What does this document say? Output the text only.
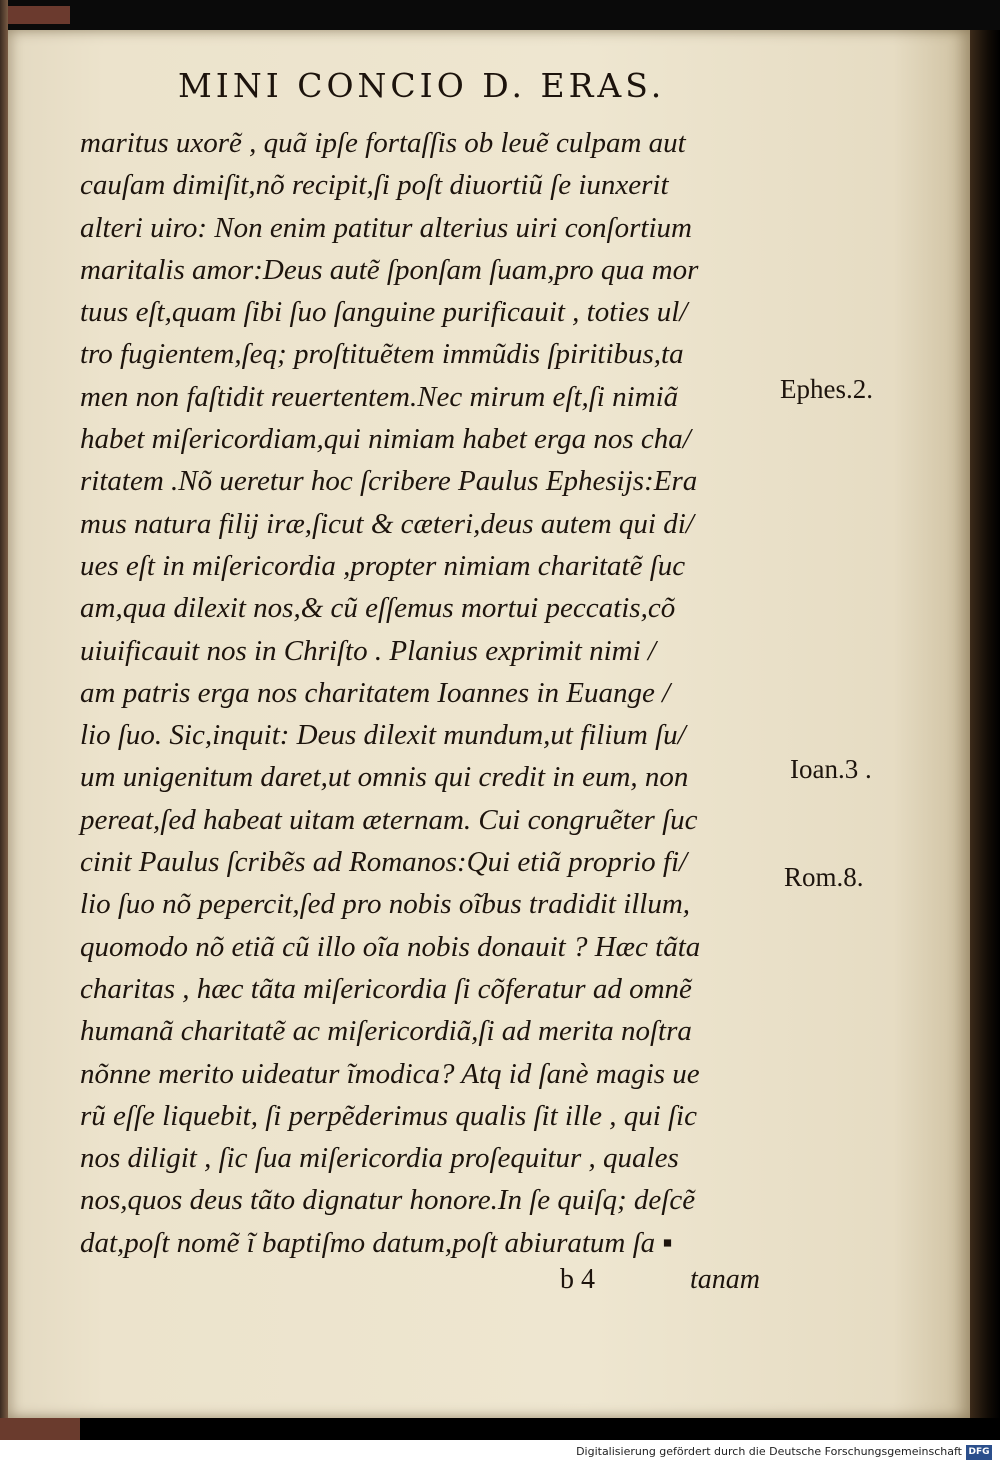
MINI CONCIO D. ERAS.
maritus uxorẽ , quã ipſe fortaſſis ob leuẽ culpam aut
cauſam dimiſit,nõ recipit,ſi poſt diuortiũ ſe iunxerit
alteri uiro: Non enim patitur alterius uiri conſortium
maritalis amor:Deus autẽ ſponſam ſuam,pro qua mor
tuus eſt,quam ſibi ſuo ſanguine purificauit , toties ul/
tro fugientem,ſeq; proſtituẽtem immũdis ſpiritibus,ta
men non faſtidit reuertentem.Nec mirum eſt,ſi nimiã
habet miſericordiam,qui nimiam habet erga nos cha/
ritatem .Nõ ueretur hoc ſcribere Paulus Ephesijs:Era
mus natura filij iræ,ſicut & cæteri,deus autem qui di/
ues eſt in miſericordia ,propter nimiam charitatẽ ſuc
am,qua dilexit nos,& cũ eſſemus mortui peccatis,cõ
uiuificauit nos in Chriſto . Planius exprimit nimi /
am patris erga nos charitatem Ioannes in Euange /
lio ſuo. Sic,inquit: Deus dilexit mundum,ut filium ſu/
um unigenitum daret,ut omnis qui credit in eum, non
pereat,ſed habeat uitam æternam. Cui congruẽter ſuc
cinit Paulus ſcribẽs ad Romanos:Qui etiã proprio fi/
lio ſuo nõ pepercit,ſed pro nobis oĩbus tradidit illum,
quomodo nõ etiã cũ illo oĩa nobis donauit ? Hæc tãta
charitas , hæc tãta miſericordia ſi cõferatur ad omnẽ
humanã charitatẽ ac miſericordiã,ſi ad merita noſtra
nõnne merito uideatur ĩmodica? Atq id ſanè magis ue
rũ eſſe liquebit, ſi perpẽderimus qualis ſit ille , qui ſic
nos diligit , ſic ſua miſericordia proſequitur , quales
nos,quos deus tãto dignatur honore.In ſe quiſq; deſcẽ
dat,poſt nomẽ ĩ baptiſmo datum,poſt abiuratum ſa ▪
Ephes.2.
Ioan.3 .
Rom.8.
b 4	tanam
Digitalisierung gefördert durch die Deutsche Forschungsgemeinschaft DFG
